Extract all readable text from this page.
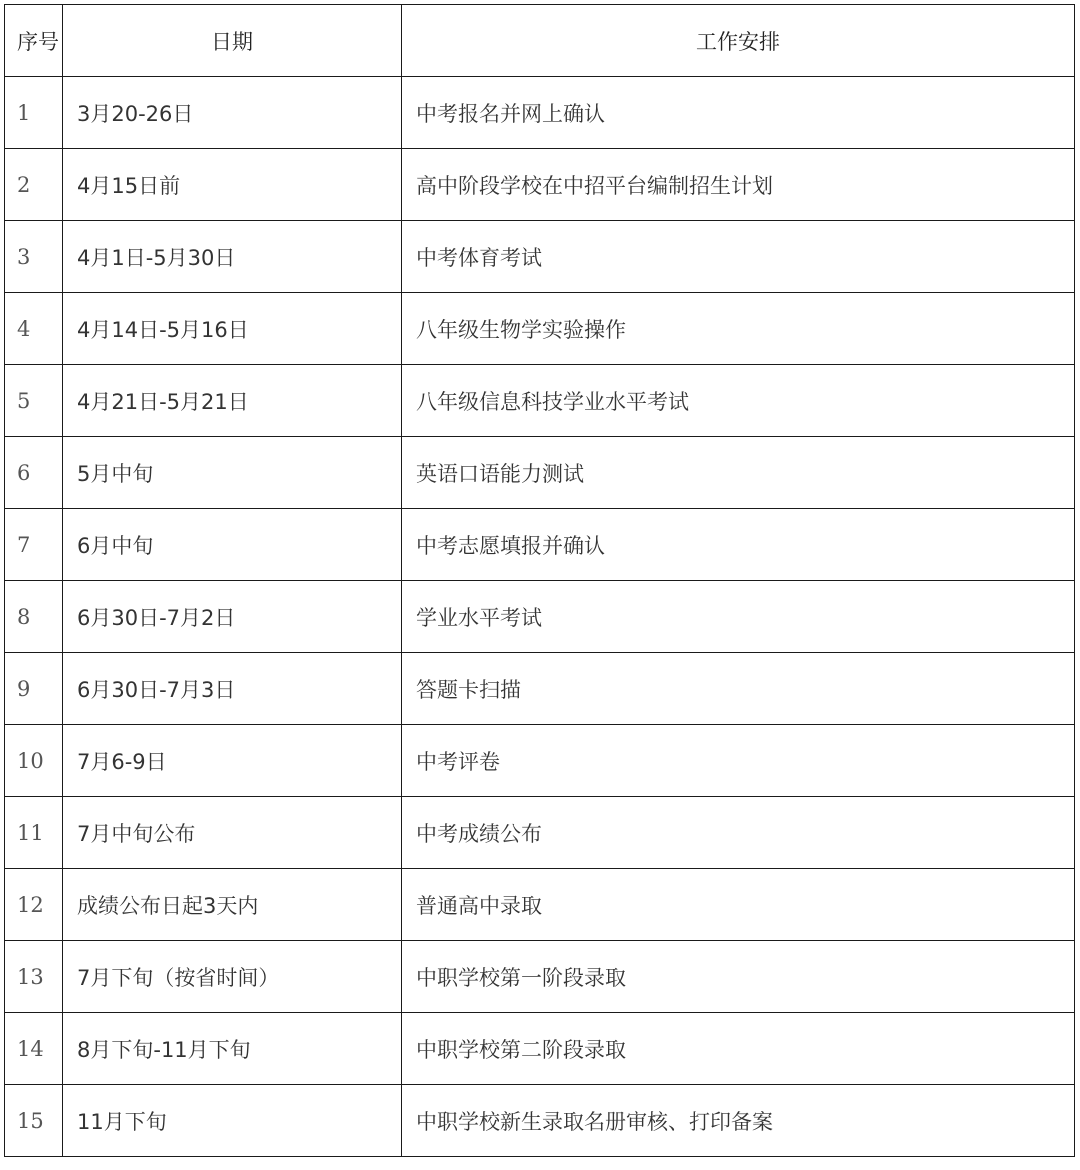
序号	日期	工作安排
1	3月20-26日	中考报名并网上确认
2	4月15日前	高中阶段学校在中招平台编制招生计划
3	4月1日-5月30日	中考体育考试
4	4月14日-5月16日	八年级生物学实验操作
5	4月21日-5月21日	八年级信息科技学业水平考试
6	5月中旬	英语口语能力测试
7	6月中旬	中考志愿填报并确认
8	6月30日-7月2日	学业水平考试
9	6月30日-7月3日	答题卡扫描
10	7月6-9日	中考评卷
11	7月中旬公布	中考成绩公布
12	成绩公布日起3天内	普通高中录取
13	7月下旬（按省时间）	中职学校第一阶段录取
14	8月下旬-11月下旬	中职学校第二阶段录取
15	11月下旬	中职学校新生录取名册审核、打印备案
